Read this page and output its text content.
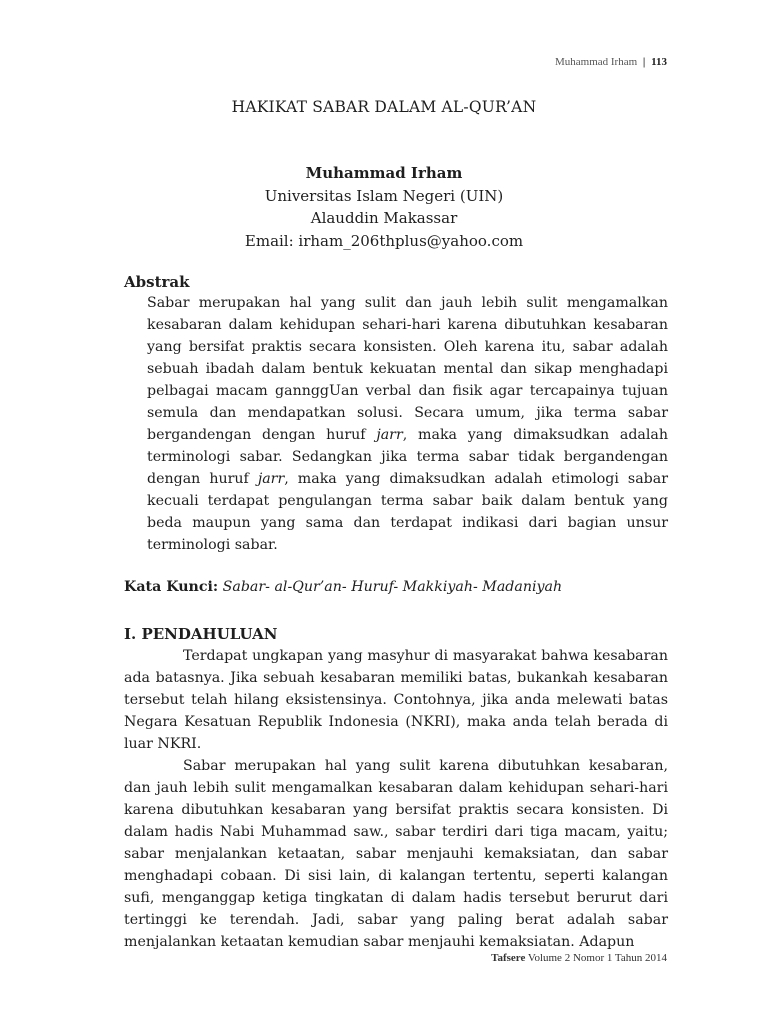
Muhammad Irham | 113
HAKIKAT SABAR DALAM AL-QUR’AN
Muhammad Irham
Universitas Islam Negeri (UIN)
Alauddin Makassar
Email: irham_206thplus@yahoo.com
Abstrak
Sabar merupakan hal yang sulit dan jauh lebih sulit mengamalkan kesabaran dalam kehidupan sehari-hari karena dibutuhkan kesabaran yang bersifat praktis secara konsisten. Oleh karena itu, sabar adalah sebuah ibadah dalam bentuk kekuatan mental dan sikap menghadapi pelbagai macam gannggUan verbal dan fisik agar tercapainya tujuan semula dan mendapatkan solusi. Secara umum, jika terma sabar bergandengan dengan huruf jarr, maka yang dimaksudkan adalah terminologi sabar. Sedangkan jika terma sabar tidak bergandengan dengan huruf jarr, maka yang dimaksudkan adalah etimologi sabar kecuali terdapat pengulangan terma sabar baik dalam bentuk yang beda maupun yang sama dan terdapat indikasi dari bagian unsur terminologi sabar.
Kata Kunci: Sabar- al-Qur’an- Huruf- Makkiyah- Madaniyah
I. PENDAHULUAN

Terdapat ungkapan yang masyhur di masyarakat bahwa kesabaran ada batasnya. Jika sebuah kesabaran memiliki batas, bukankah kesabaran tersebut telah hilang eksistensinya. Contohnya, jika anda melewati batas Negara Kesatuan Republik Indonesia (NKRI), maka anda telah berada di luar NKRI.

Sabar merupakan hal yang sulit karena dibutuhkan kesabaran, dan jauh lebih sulit mengamalkan kesabaran dalam kehidupan sehari-hari karena dibutuhkan kesabaran yang bersifat praktis secara konsisten. Di dalam hadis Nabi Muhammad saw., sabar terdiri dari tiga macam, yaitu; sabar menjalankan ketaatan, sabar menjauhi kemaksiatan, dan sabar menghadapi cobaan. Di sisi lain, di kalangan tertentu, seperti kalangan sufi, menganggap ketiga tingkatan di dalam hadis tersebut berurut dari tertinggi ke terendah. Jadi, sabar yang paling berat adalah sabar menjalankan ketaatan kemudian sabar menjauhi kemaksiatan. Adapun

Tafsere Volume 2 Nomor 1 Tahun 2014
